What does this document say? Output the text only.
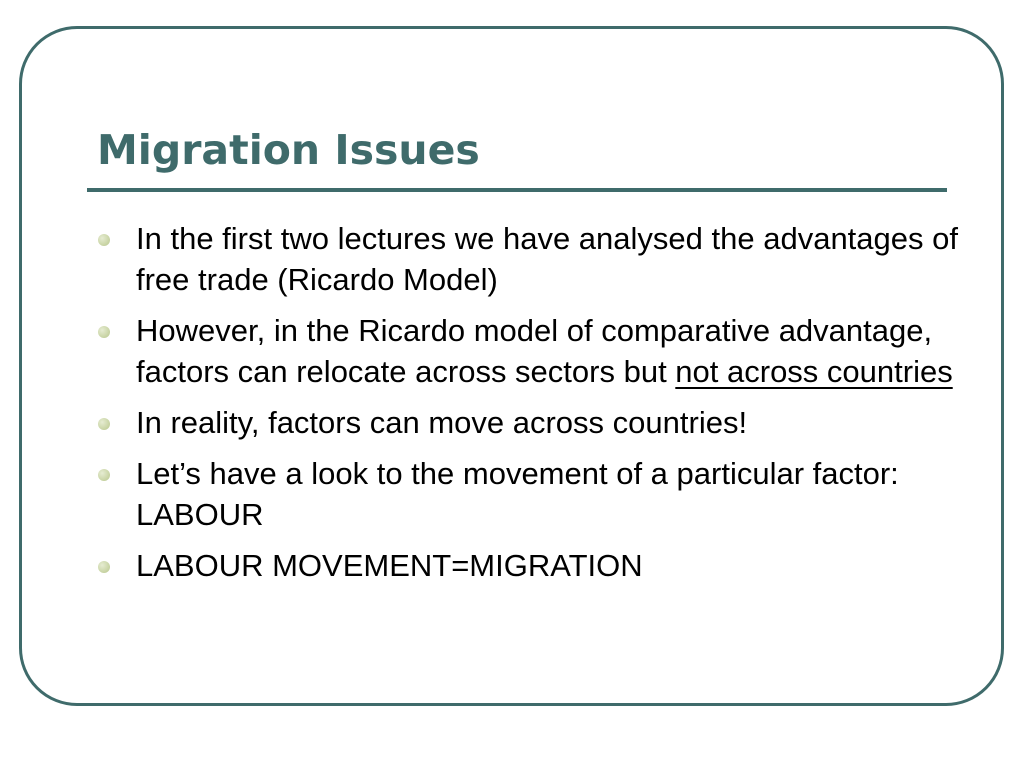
Migration Issues
In the first two lectures we have analysed the advantages of free trade (Ricardo Model)
However, in the Ricardo model of comparative advantage, factors can relocate across sectors but not across countries
In reality, factors can move across countries!
Let’s have a look to the movement of a particular factor: LABOUR
LABOUR MOVEMENT=MIGRATION
